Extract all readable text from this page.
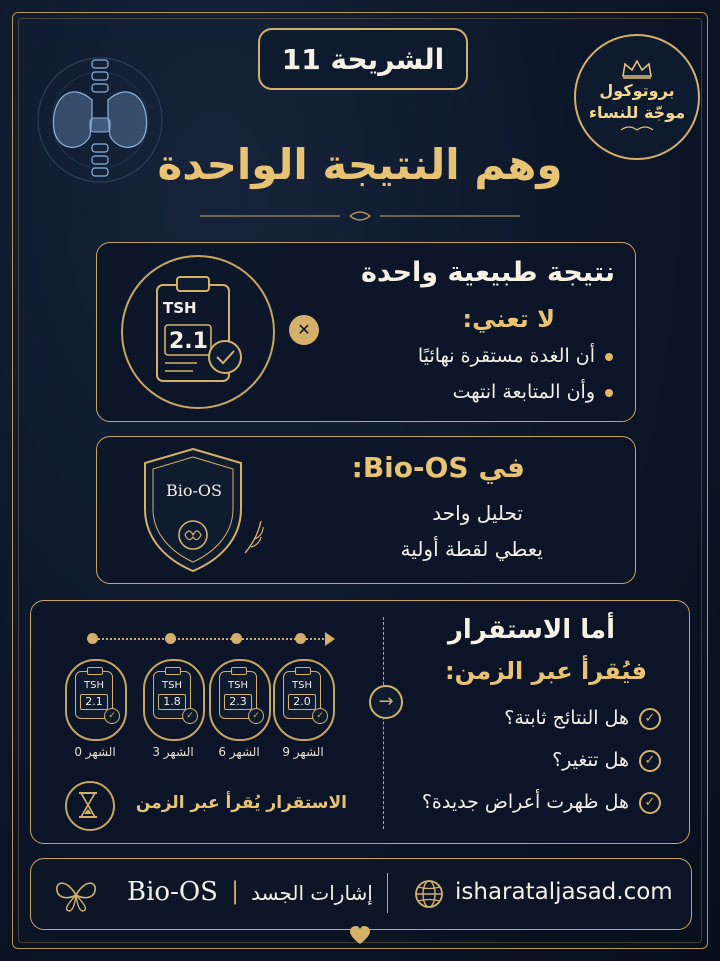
الشريحة 11
بروتوكول
موجّة للنساء
وهم النتيجة الواحدة
TSH
2.1	✕
نتيجة طبيعية واحدة
لا تعني:
أن الغدة مستقرة نهائيًا
وأن المتابعة انتهت
Bio-OS
في Bio-OS:
تحليل واحد
يعطي لقطة أولية
أما الاستقرار
فيُقرأ عبر الزمن:
✓هل النتائج ثابتة؟
✓هل تتغير؟
✓هل ظهرت أعراض جديدة؟
→
TSH
2.1
✓
الشهر 0
TSH
1.8
✓
الشهر 3
TSH
2.3
✓
الشهر 6
TSH
2.0
✓
الشهر 9
الاستقرار يُقرأ عبر الزمن
Bio-OS | إشارات الجسد	isharataljasad.com
